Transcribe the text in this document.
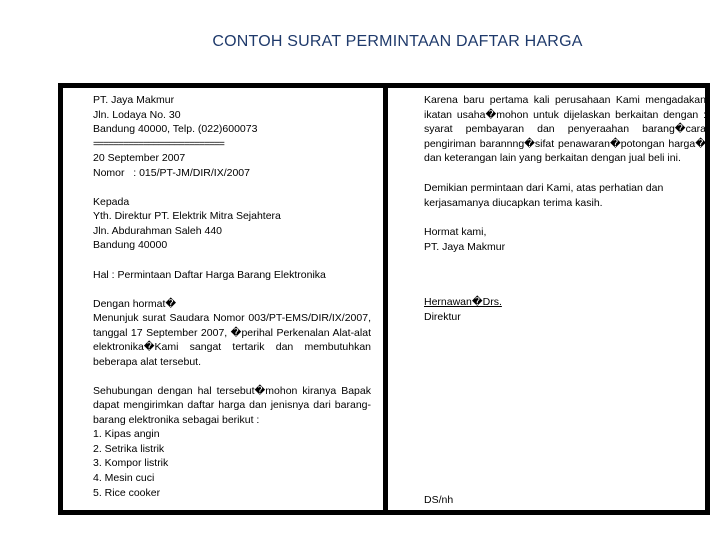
CONTOH SURAT PERMINTAAN DAFTAR HARGA
PT. Jaya Makmur
Jln. Lodaya No. 30
Bandung 40000, Telp. (022)600073
==========================
20 September 2007
Nomor   : 015/PT-JM/DIR/IX/2007
Kepada
Yth. Direktur PT. Elektrik Mitra Sejahtera
Jln. Abdurahman Saleh 440
Bandung 40000
Hal : Permintaan Daftar Harga Barang Elektronika
Dengan hormat�
Menunjuk surat Saudara Nomor 003/PT-EMS/DIR/IX/2007, tanggal 17 September 2007, �perihal Perkenalan Alat-alat elektronika�Kami sangat tertarik dan membutuhkan beberapa alat tersebut.
Sehubungan dengan hal tersebut�mohon kiranya Bapak dapat mengirimkan daftar harga dan jenisnya dari barang-barang elektronika sebagai berikut :
1. Kipas angin
2. Setrika listrik
3. Kompor listrik
4. Mesin cuci
5. Rice cooker
Karena baru pertama kali perusahaan Kami mengadakan ikatan usaha�mohon untuk dijelaskan berkaitan dengan : syarat pembayaran dan penyeraahan barang�cara pengiriman barannng�sifat penawaran�potongan harga� dan keterangan lain yang berkaitan dengan jual beli ini.
Demikian permintaan dari Kami, atas perhatian dan kerjasamanya diucapkan terima kasih.
Hormat kami,
PT. Jaya Makmur
Hernawan�Drs.
Direktur
DS/nh
